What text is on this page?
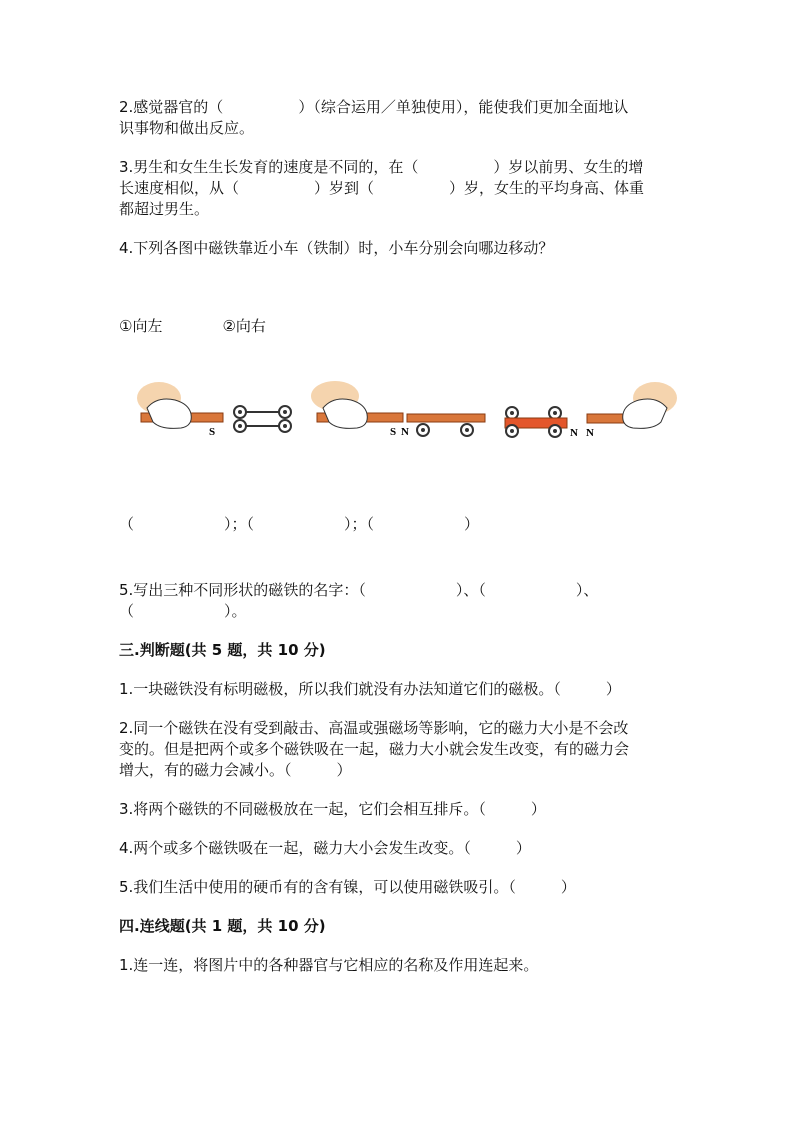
2.感觉器官的（　　　　　）（综合运用／单独使用），能使我们更加全面地认
识事物和做出反应。
3.男生和女生生长发育的速度是不同的，在（　　　　　）岁以前男、女生的增
长速度相似，从（　　　　　）岁到（　　　　　）岁，女生的平均身高、体重
都超过男生。
4.下列各图中磁铁靠近小车（铁制）时，小车分别会向哪边移动？
①向左　　　　②向右
S	S N	N N
（　　　　　　）；（　　　　　　）；（　　　　　　）
5.写出三种不同形状的磁铁的名字：（　　　　　　）、（　　　　　　）、
（　　　　　　）。
三.判断题(共 5 题，共 10 分)
1.一块磁铁没有标明磁极，所以我们就没有办法知道它们的磁极。（　　　）
2.同一个磁铁在没有受到敲击、高温或强磁场等影响，它的磁力大小是不会改
变的。但是把两个或多个磁铁吸在一起，磁力大小就会发生改变，有的磁力会
增大，有的磁力会减小。（　　　）
3.将两个磁铁的不同磁极放在一起，它们会相互排斥。（　　　）
4.两个或多个磁铁吸在一起，磁力大小会发生改变。（　　　）
5.我们生活中使用的硬币有的含有镍，可以使用磁铁吸引。（　　　）
四.连线题(共 1 题，共 10 分)
1.连一连，将图片中的各种器官与它相应的名称及作用连起来。
